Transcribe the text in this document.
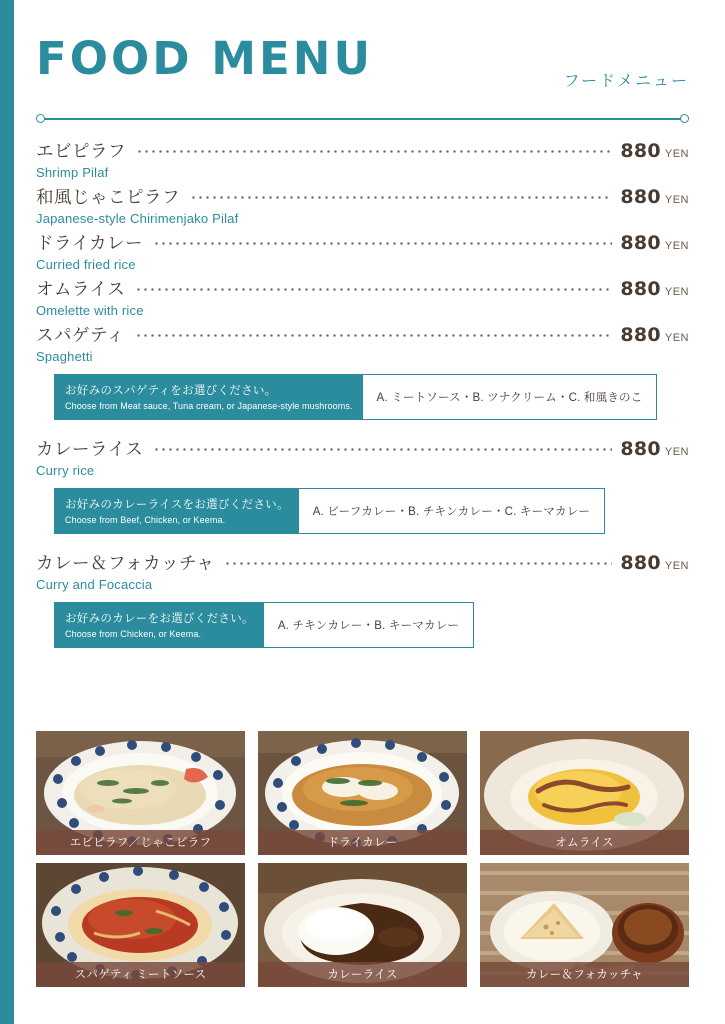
FOOD MENU	フードメニュー
エビピラフ	880 YEN
Shrimp Pilaf
和風じゃこピラフ	880 YEN
Japanese-style Chirimenjako Pilaf
ドライカレー	880 YEN
Curried fried rice
オムライス	880 YEN
Omelette with rice
スパゲティ	880 YEN
Spaghetti
お好みのスパゲティをお選びください。
Choose from Meat sauce, Tuna cream, or Japanese-style mushrooms.
A. ミートソース・B. ツナクリーム・C. 和風きのこ
カレーライス	880 YEN
Curry rice
お好みのカレーライスをお選びください。
Choose from Beef, Chicken, or Keema.
A. ビーフカレー・B. チキンカレー・C. キーマカレー
カレー＆フォカッチャ	880 YEN
Curry and Focaccia
お好みのカレーをお選びください。
Choose from Chicken, or Keema.
A. チキンカレー・B. キーマカレー
エビピラフ／じゃこピラフ	ドライカレー	オムライス
スパゲティ ミートソース	カレーライス	カレー＆フォカッチャ
